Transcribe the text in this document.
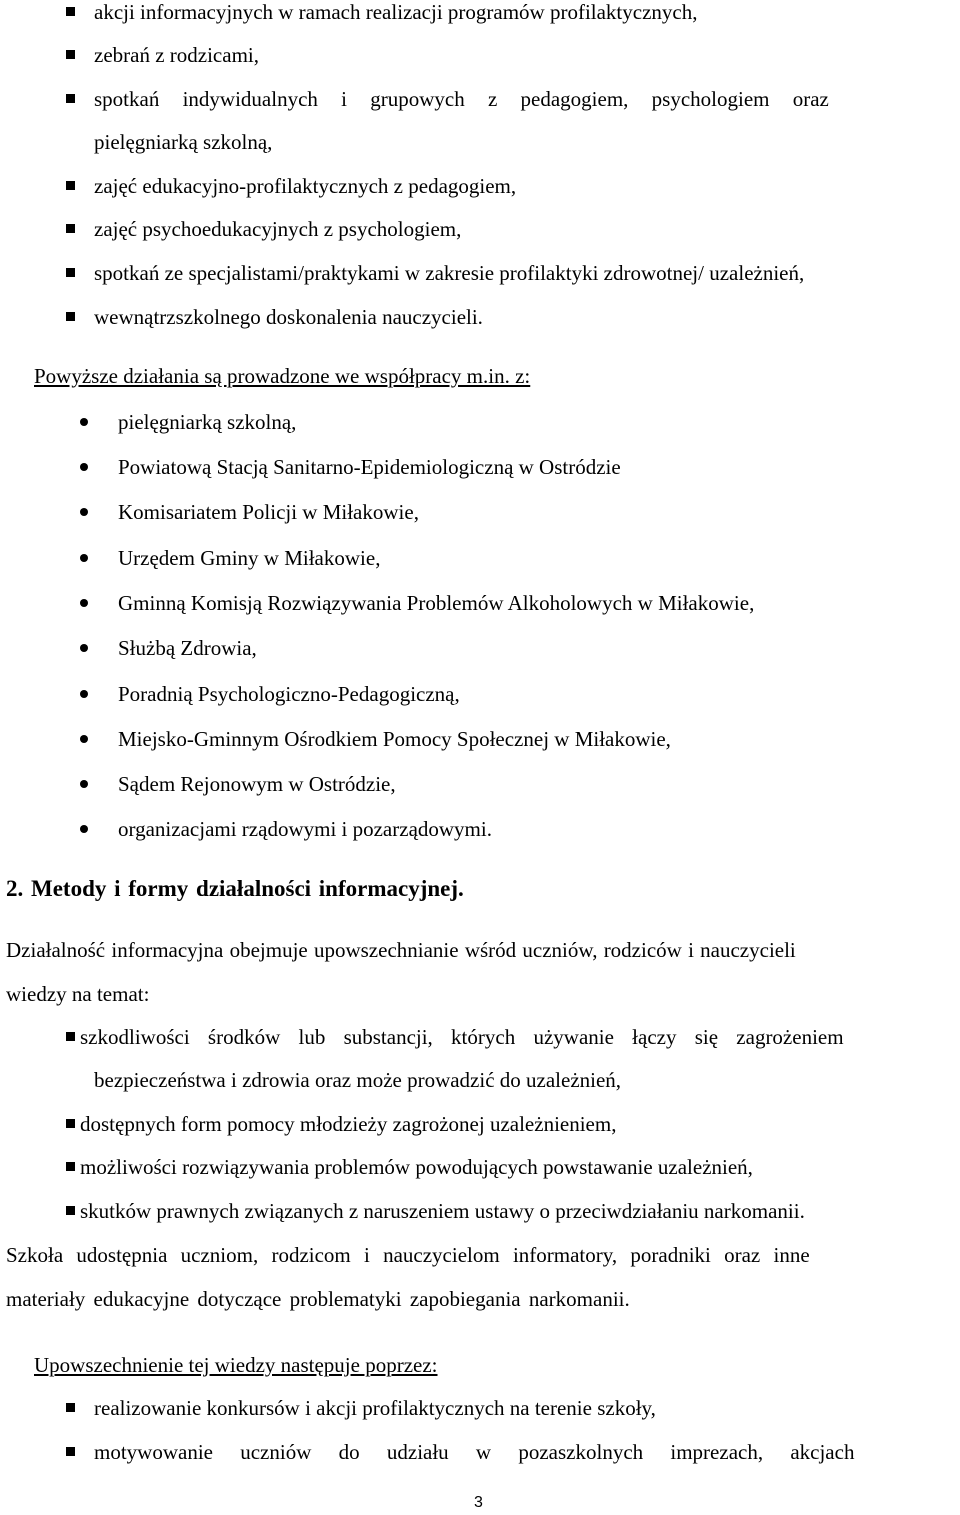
akcji informacyjnych w ramach realizacji programów profilaktycznych,
zebrań z rodzicami,
spotkań indywidualnych i grupowych z pedagogiem, psychologiem oraz
pielęgniarką szkolną,
zajęć edukacyjno-profilaktycznych z pedagogiem,
zajęć psychoedukacyjnych z psychologiem,
spotkań ze specjalistami/praktykami w zakresie profilaktyki zdrowotnej/ uzależnień,
wewnątrzszkolnego doskonalenia nauczycieli.
Powyższe działania są prowadzone we współpracy m.in. z:
pielęgniarką szkolną,
Powiatową Stacją Sanitarno-Epidemiologiczną w Ostródzie
Komisariatem Policji w Miłakowie,
Urzędem Gminy w Miłakowie,
Gminną Komisją Rozwiązywania Problemów Alkoholowych w Miłakowie,
Służbą Zdrowia,
Poradnią Psychologiczno-Pedagogiczną,
Miejsko-Gminnym Ośrodkiem Pomocy Społecznej w Miłakowie,
Sądem Rejonowym w Ostródzie,
organizacjami rządowymi i pozarządowymi.
2. Metody i formy działalności informacyjnej.
Działalność informacyjna obejmuje upowszechnianie wśród uczniów, rodziców i nauczycieli
wiedzy na temat:
szkodliwości środków lub substancji, których używanie łączy się zagrożeniem
bezpieczeństwa i zdrowia oraz może prowadzić do uzależnień,
dostępnych form pomocy młodzieży zagrożonej uzależnieniem,
możliwości rozwiązywania problemów powodujących powstawanie uzależnień,
skutków prawnych związanych z naruszeniem ustawy o przeciwdziałaniu narkomanii.
Szkoła udostępnia uczniom, rodzicom i nauczycielom informatory, poradniki oraz inne
materiały edukacyjne dotyczące problematyki zapobiegania narkomanii.
Upowszechnienie tej wiedzy następuje poprzez:
realizowanie konkursów i akcji profilaktycznych na terenie szkoły,
motywowanie uczniów do udziału w pozaszkolnych imprezach, akcjach
3
